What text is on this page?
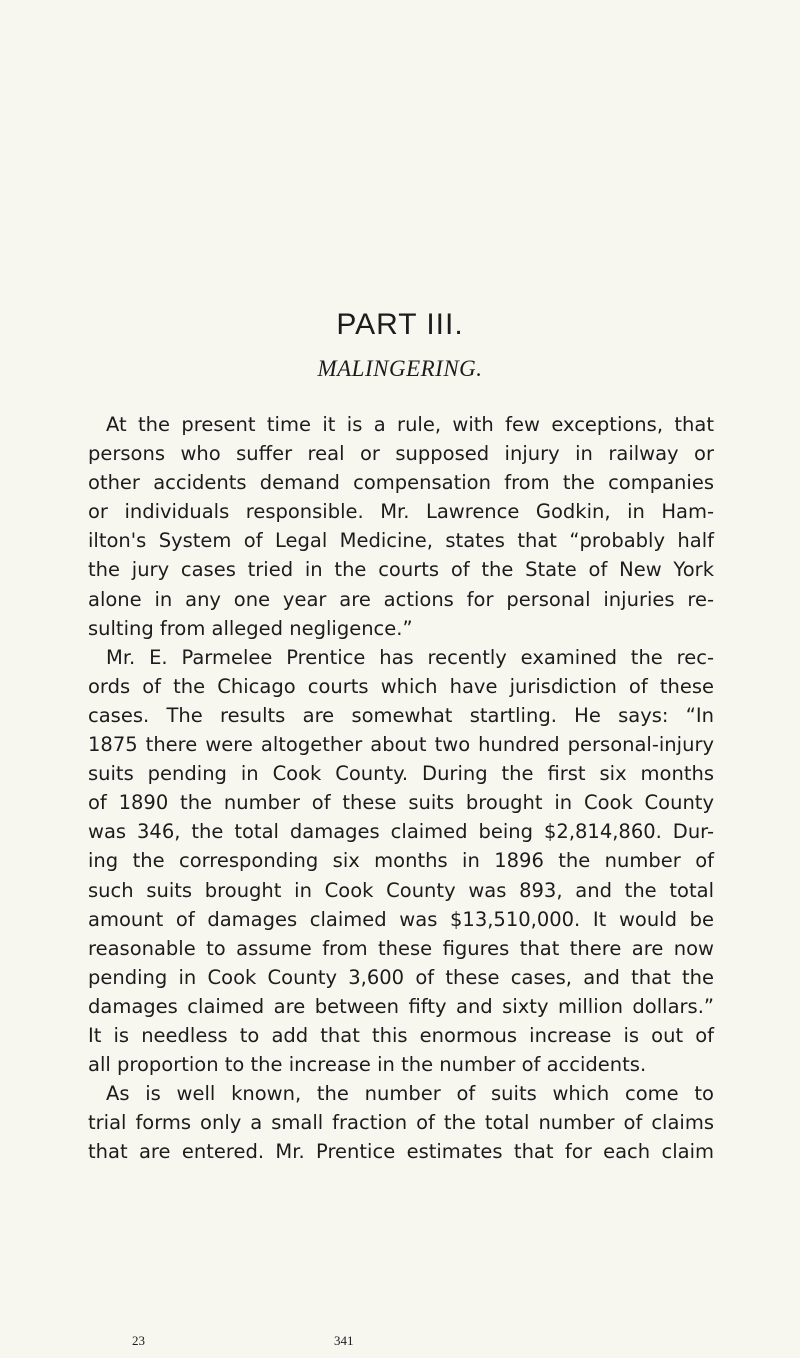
PART III.
MALINGERING.
At the present time it is a rule, with few exceptions, that
persons who suffer real or supposed injury in railway or
other accidents demand compensation from the companies
or individuals responsible. Mr. Lawrence Godkin, in Ham-
ilton's System of Legal Medicine, states that “probably half
the jury cases tried in the courts of the State of New York
alone in any one year are actions for personal injuries re-
sulting from alleged negligence.”
Mr. E. Parmelee Prentice has recently examined the rec-
ords of the Chicago courts which have jurisdiction of these
cases. The results are somewhat startling. He says: “In
1875 there were altogether about two hundred personal-injury
suits pending in Cook County. During the first six months
of 1890 the number of these suits brought in Cook County
was 346, the total damages claimed being $2,814,860. Dur-
ing the corresponding six months in 1896 the number of
such suits brought in Cook County was 893, and the total
amount of damages claimed was $13,510,000. It would be
reasonable to assume from these figures that there are now
pending in Cook County 3,600 of these cases, and that the
damages claimed are between fifty and sixty million dollars.”
It is needless to add that this enormous increase is out of
all proportion to the increase in the number of accidents.
As is well known, the number of suits which come to
trial forms only a small fraction of the total number of claims
that are entered. Mr. Prentice estimates that for each claim
23	341
